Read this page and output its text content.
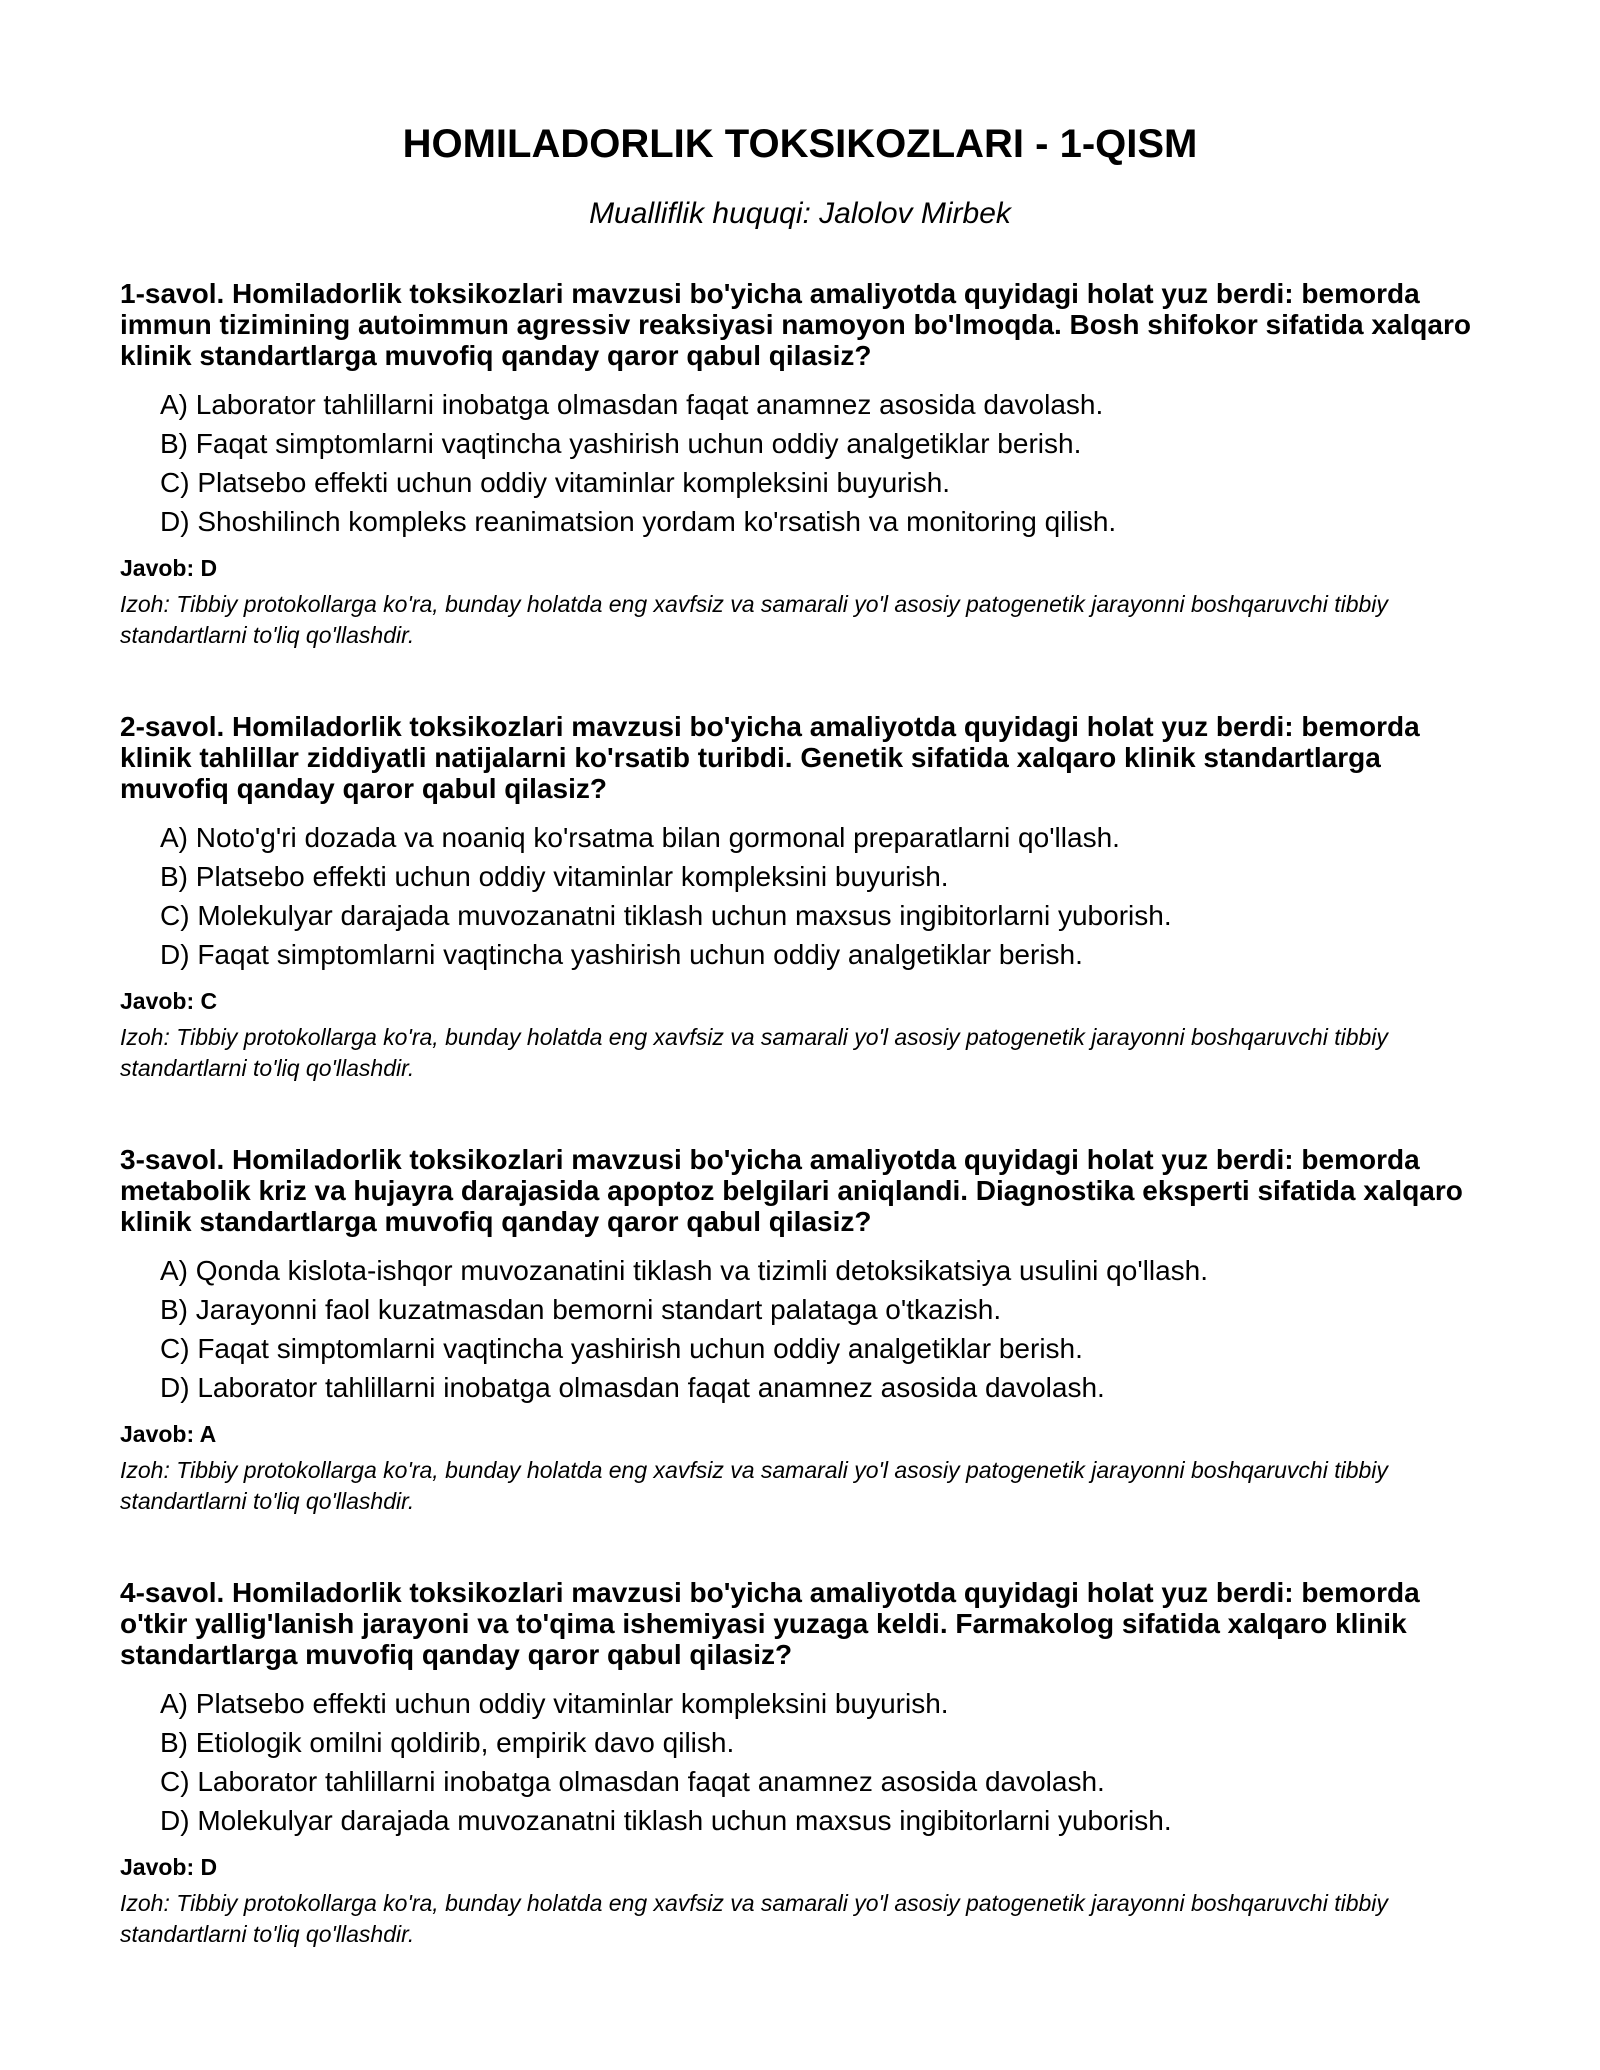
HOMILADORLIK TOKSIKOZLARI - 1-QISM
Mualliflik huquqi: Jalolov Mirbek

1-savol. Homiladorlik toksikozlari mavzusi bo'yicha amaliyotda quyidagi holat yuz berdi: bemorda immun tizimining autoimmun agressiv reaksiyasi namoyon bo'lmoqda. Bosh shifokor sifatida xalqaro klinik standartlarga muvofiq qanday qaror qabul qilasiz?

A) Laborator tahlillarni inobatga olmasdan faqat anamnez asosida davolash.
B) Faqat simptomlarni vaqtincha yashirish uchun oddiy analgetiklar berish.
C) Platsebo effekti uchun oddiy vitaminlar kompleksini buyurish.
D) Shoshilinch kompleks reanimatsion yordam ko'rsatish va monitoring qilish.
Javob: D
Izoh: Tibbiy protokollarga ko'ra, bunday holatda eng xavfsiz va samarali yo'l asosiy patogenetik jarayonni boshqaruvchi tibbiy standartlarni to'liq qo'llashdir.

2-savol. Homiladorlik toksikozlari mavzusi bo'yicha amaliyotda quyidagi holat yuz berdi: bemorda klinik tahlillar ziddiyatli natijalarni ko'rsatib turibdi. Genetik sifatida xalqaro klinik standartlarga muvofiq qanday qaror qabul qilasiz?

A) Noto'g'ri dozada va noaniq ko'rsatma bilan gormonal preparatlarni qo'llash.
B) Platsebo effekti uchun oddiy vitaminlar kompleksini buyurish.
C) Molekulyar darajada muvozanatni tiklash uchun maxsus ingibitorlarni yuborish.
D) Faqat simptomlarni vaqtincha yashirish uchun oddiy analgetiklar berish.
Javob: C
Izoh: Tibbiy protokollarga ko'ra, bunday holatda eng xavfsiz va samarali yo'l asosiy patogenetik jarayonni boshqaruvchi tibbiy standartlarni to'liq qo'llashdir.

3-savol. Homiladorlik toksikozlari mavzusi bo'yicha amaliyotda quyidagi holat yuz berdi: bemorda metabolik kriz va hujayra darajasida apoptoz belgilari aniqlandi. Diagnostika eksperti sifatida xalqaro klinik standartlarga muvofiq qanday qaror qabul qilasiz?

A) Qonda kislota-ishqor muvozanatini tiklash va tizimli detoksikatsiya usulini qo'llash.
B) Jarayonni faol kuzatmasdan bemorni standart palataga o'tkazish.
C) Faqat simptomlarni vaqtincha yashirish uchun oddiy analgetiklar berish.
D) Laborator tahlillarni inobatga olmasdan faqat anamnez asosida davolash.
Javob: A
Izoh: Tibbiy protokollarga ko'ra, bunday holatda eng xavfsiz va samarali yo'l asosiy patogenetik jarayonni boshqaruvchi tibbiy standartlarni to'liq qo'llashdir.

4-savol. Homiladorlik toksikozlari mavzusi bo'yicha amaliyotda quyidagi holat yuz berdi: bemorda o'tkir yallig'lanish jarayoni va to'qima ishemiyasi yuzaga keldi. Farmakolog sifatida xalqaro klinik standartlarga muvofiq qanday qaror qabul qilasiz?

A) Platsebo effekti uchun oddiy vitaminlar kompleksini buyurish.
B) Etiologik omilni qoldirib, empirik davo qilish.
C) Laborator tahlillarni inobatga olmasdan faqat anamnez asosida davolash.
D) Molekulyar darajada muvozanatni tiklash uchun maxsus ingibitorlarni yuborish.
Javob: D
Izoh: Tibbiy protokollarga ko'ra, bunday holatda eng xavfsiz va samarali yo'l asosiy patogenetik jarayonni boshqaruvchi tibbiy standartlarni to'liq qo'llashdir.
